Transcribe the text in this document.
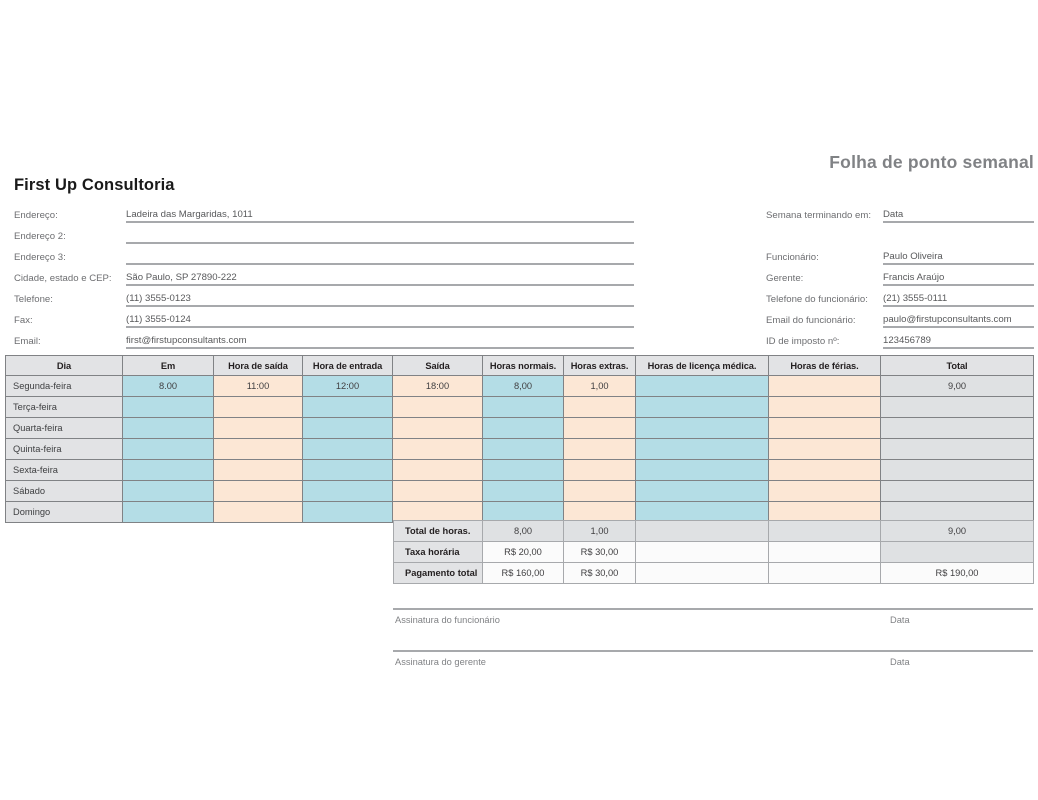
Folha de ponto semanal
First Up Consultoria
Endereço:	Ladeira das Margaridas, 1011
Endereço 2:
Endereço 3:
Cidade, estado e CEP: São Paulo, SP 27890-222
Telefone:	(11) 3555-0123
Fax:	(11) 3555-0124
Email:	first@firstupconsultants.com
Semana terminando em: Data
Funcionário:	Paulo Oliveira
Gerente:	Francis Araújo
Telefone do funcionário: (21) 3555-0111
Email do funcionário:	paulo@firstupconsultants.com
ID de imposto nº:	123456789
Dia	Em	Hora de saída	Hora de entrada	Saída	Horas normais.	Horas extras.	Horas de licença médica.	Horas de férias.	Total
Segunda-feira	8.00	11:00	12:00	18:00	8,00	1,00			9,00
Terça-feira									
Quarta-feira									
Quinta-feira									
Sexta-feira									
Sábado									
Domingo									
Total de horas.	8,00	1,00			9,00
Taxa horária	R$ 20,00	R$ 30,00			
Pagamento total	R$ 160,00	R$ 30,00			R$ 190,00
Assinatura do funcionário	Data
Assinatura do gerente	Data
